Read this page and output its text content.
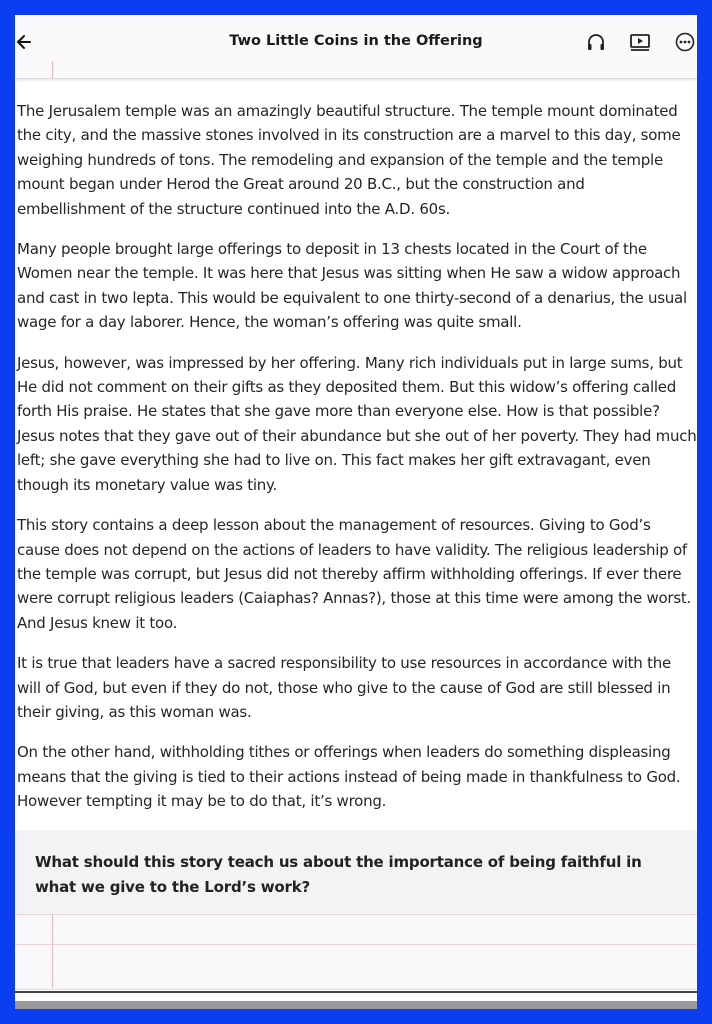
Two Little Coins in the Offering

The Jerusalem temple was an amazingly beautiful structure. The temple mount dominated the city, and the massive stones involved in its construction are a marvel to this day, some weighing hundreds of tons. The remodeling and expansion of the temple and the temple mount began under Herod the Great around 20 B.C., but the construction and embellishment of the structure continued into the A.D. 60s.

Many people brought large offerings to deposit in 13 chests located in the Court of the Women near the temple. It was here that Jesus was sitting when He saw a widow approach and cast in two lepta. This would be equivalent to one thirty-second of a denarius, the usual wage for a day laborer. Hence, the woman’s offering was quite small.

Jesus, however, was impressed by her offering. Many rich individuals put in large sums, but He did not comment on their gifts as they deposited them. But this widow’s offering called forth His praise. He states that she gave more than everyone else. How is that possible? Jesus notes that they gave out of their abundance but she out of her poverty. They had much left; she gave everything she had to live on. This fact makes her gift extravagant, even though its monetary value was tiny.

This story contains a deep lesson about the management of resources. Giving to God’s cause does not depend on the actions of leaders to have validity. The religious leadership of the temple was corrupt, but Jesus did not thereby affirm withholding offerings. If ever there were corrupt religious leaders (Caiaphas? Annas?), those at this time were among the worst. And Jesus knew it too.

It is true that leaders have a sacred responsibility to use resources in accordance with the will of God, but even if they do not, those who give to the cause of God are still blessed in their giving, as this woman was.

On the other hand, withholding tithes or offerings when leaders do something displeasing means that the giving is tied to their actions instead of being made in thankfulness to God. However tempting it may be to do that, it’s wrong.

What should this story teach us about the importance of being faithful in what we give to the Lord’s work?
